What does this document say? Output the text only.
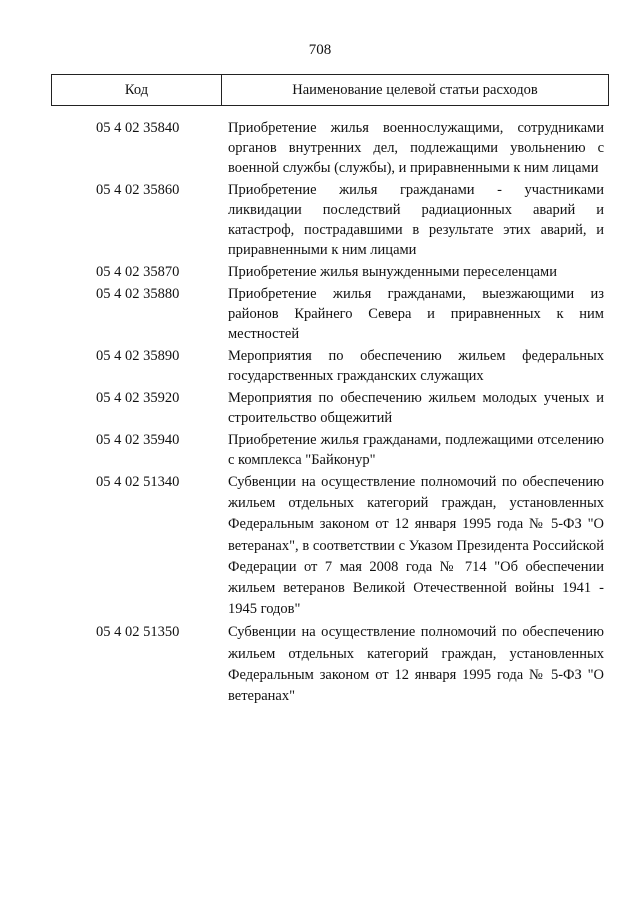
708
Код	Наименование целевой статьи расходов
05 4 02 35840	Приобретение жилья военнослужащими, сотрудниками органов внутренних дел, подлежащими увольнению с военной службы (службы), и приравненными к ним лицами
05 4 02 35860	Приобретение жилья гражданами - участниками ликвидации последствий радиационных аварий и катастроф, пострадавшими в результате этих аварий, и приравненными к ним лицами
05 4 02 35870	Приобретение жилья вынужденными переселенцами
05 4 02 35880	Приобретение жилья гражданами, выезжающими из районов Крайнего Севера и приравненных к ним местностей
05 4 02 35890	Мероприятия по обеспечению жильем федеральных государственных гражданских служащих
05 4 02 35920	Мероприятия по обеспечению жильем молодых ученых и строительство общежитий
05 4 02 35940	Приобретение жилья гражданами, подлежащими отселению с комплекса "Байконур"
05 4 02 51340	Субвенции на осуществление полномочий по обеспечению жильем отдельных категорий граждан, установленных Федеральным законом от 12 января 1995 года № 5-ФЗ "О ветеранах", в соответствии с Указом Президента Российской Федерации от 7 мая 2008 года № 714 "Об обеспечении жильем ветеранов Великой Отечественной войны 1941 - 1945 годов"
05 4 02 51350	Субвенции на осуществление полномочий по обеспечению жильем отдельных категорий граждан, установленных Федеральным законом от 12 января 1995 года № 5-ФЗ "О ветеранах"
